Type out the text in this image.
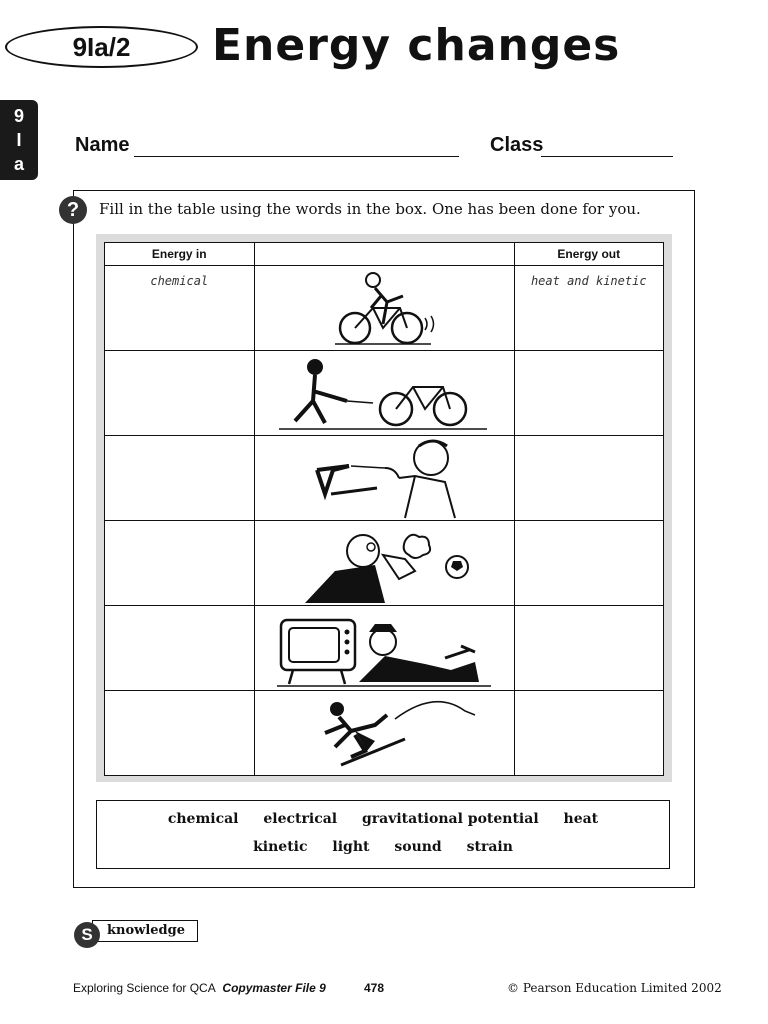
9Ia/2	Energy changes
9
I
a
Name	Class
?	Fill in the table using the words in the box. One has been done for you.
Energy in		Energy out

chemical		heat and kinetic

chemical electrical gravitational potential heat
kinetic light sound strain
knowledge
S
Exploring Science for QCA Copymaster File 9	478	© Pearson Education Limited 2002
